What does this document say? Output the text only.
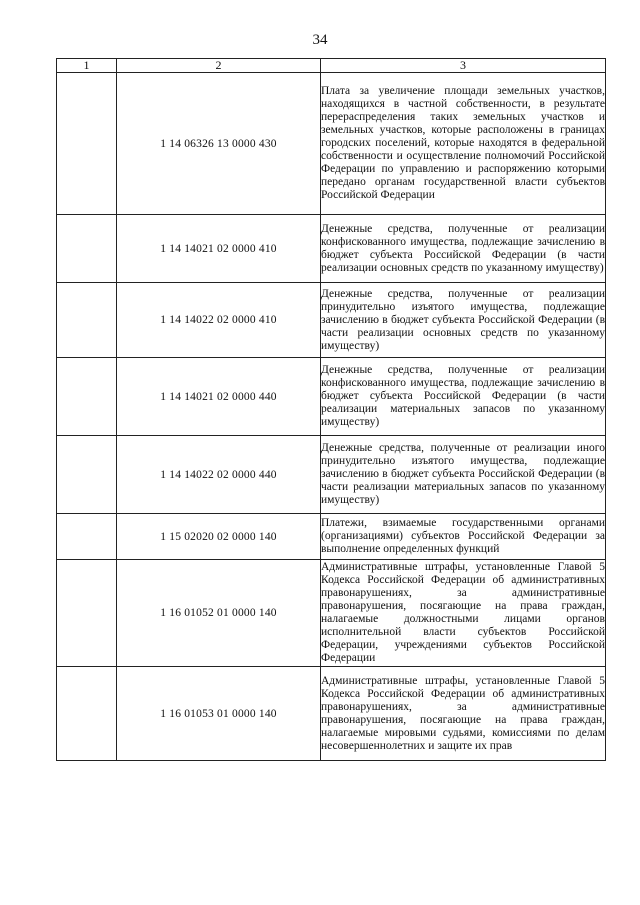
34
1	2	3
	1 14 06326 13 0000 430	Плата за увеличение площади земельных участков, находящихся в частной собственности, в результате перераспределения таких земельных участков и земельных участков, которые расположены в границах городских поселений, которые находятся в федеральной собственности и осуществление полномочий Российской Федерации по управлению и распоряжению которыми передано органам государственной власти субъектов Российской Федерации
	1 14 14021 02 0000 410	Денежные средства, полученные от реализации конфискованного имущества, подлежащие зачислению в бюджет субъекта Российской Федерации (в части реализации основных средств по указанному имуществу)
	1 14 14022 02 0000 410	Денежные средства, полученные от реализации принудительно изъятого имущества, подлежащие зачислению в бюджет субъекта Российской Федерации (в части реализации основных средств по указанному имуществу)
	1 14 14021 02 0000 440	Денежные средства, полученные от реализации конфискованного имущества, подлежащие зачислению в бюджет субъекта Российской Федерации (в части реализации материальных запасов по указанному имуществу)
	1 14 14022 02 0000 440	Денежные средства, полученные от реализации иного принудительно изъятого имущества, подлежащие зачислению в бюджет субъекта Российской Федерации (в части реализации материальных запасов по указанному имуществу)
	1 15 02020 02 0000 140	Платежи, взимаемые государственными органами (организациями) субъектов Российской Федерации за выполнение определенных функций
	1 16 01052 01 0000 140	Административные штрафы, установленные Главой 5 Кодекса Российской Федерации об административных правонарушениях, за административные правонарушения, посягающие на права граждан, налагаемые должностными лицами органов исполнительной власти субъектов Российской Федерации, учреждениями субъектов Российской Федерации
	1 16 01053 01 0000 140	Административные штрафы, установленные Главой 5 Кодекса Российской Федерации об административных правонарушениях, за административные правонарушения, посягающие на права граждан, налагаемые мировыми судьями, комиссиями по делам несовершеннолетних и защите их прав
